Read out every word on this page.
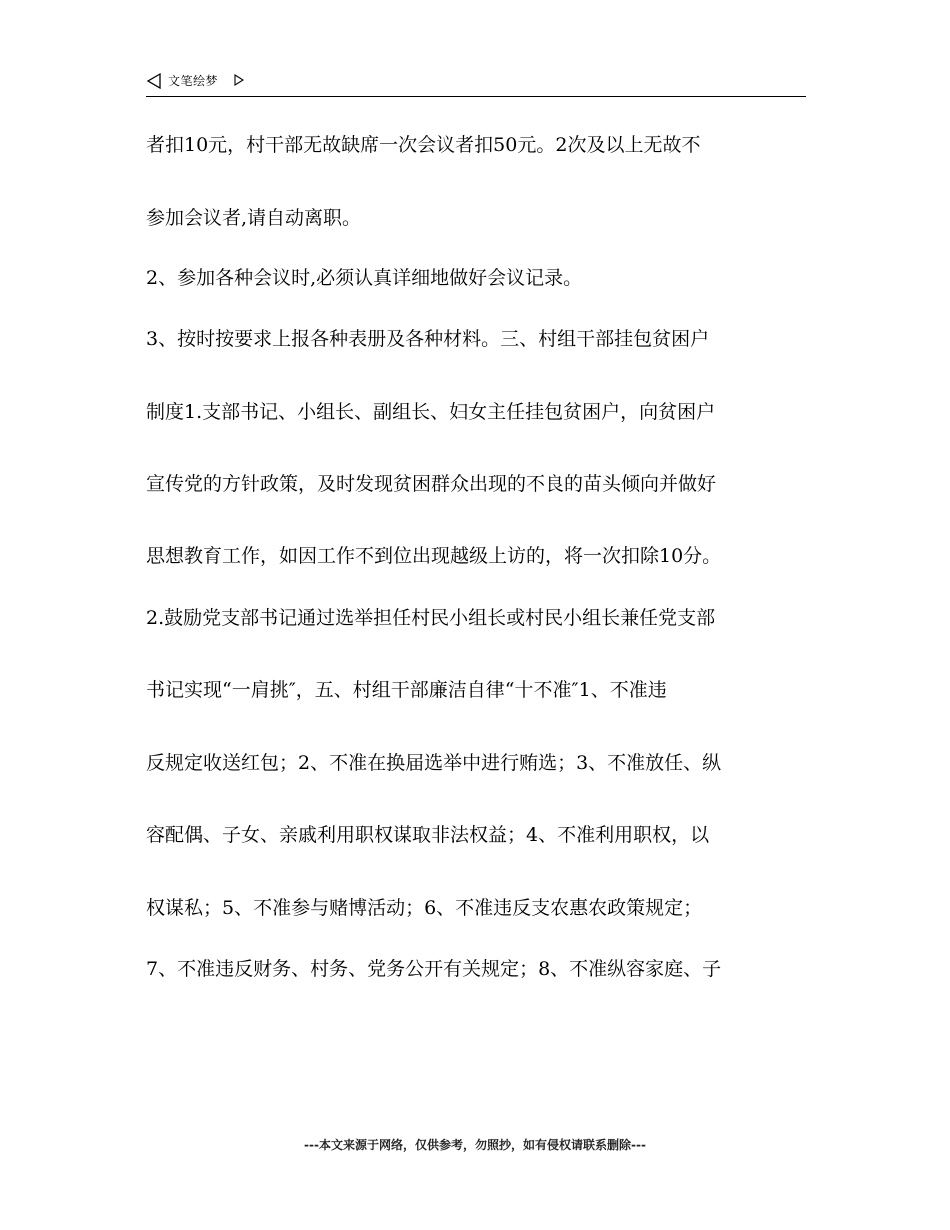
文笔绘梦
者扣10元，村干部无故缺席一次会议者扣50元。2次及以上无故不
参加会议者,请自动离职。
2、参加各种会议时,必须认真详细地做好会议记录。
3、按时按要求上报各种表册及各种材料。三、村组干部挂包贫困户
制度1.支部书记、小组长、副组长、妇女主任挂包贫困户，向贫困户
宣传党的方针政策，及时发现贫困群众出现的不良的苗头倾向并做好
思想教育工作，如因工作不到位出现越级上访的，将一次扣除10分。
2.鼓励党支部书记通过选举担任村民小组长或村民小组长兼任党支部
书记实现“一肩挑″，五、村组干部廉洁自律“十不准″1、不准违
反规定收送红包；2、不准在换届选举中进行贿选；3、不准放任、纵
容配偶、子女、亲戚利用职权谋取非法权益；4、不准利用职权，以
权谋私；5、不准参与赌博活动；6、不准违反支农惠农政策规定；
7、不准违反财务、村务、党务公开有关规定；8、不准纵容家庭、子
---本文来源于网络，仅供参考，勿照抄，如有侵权请联系删除---
